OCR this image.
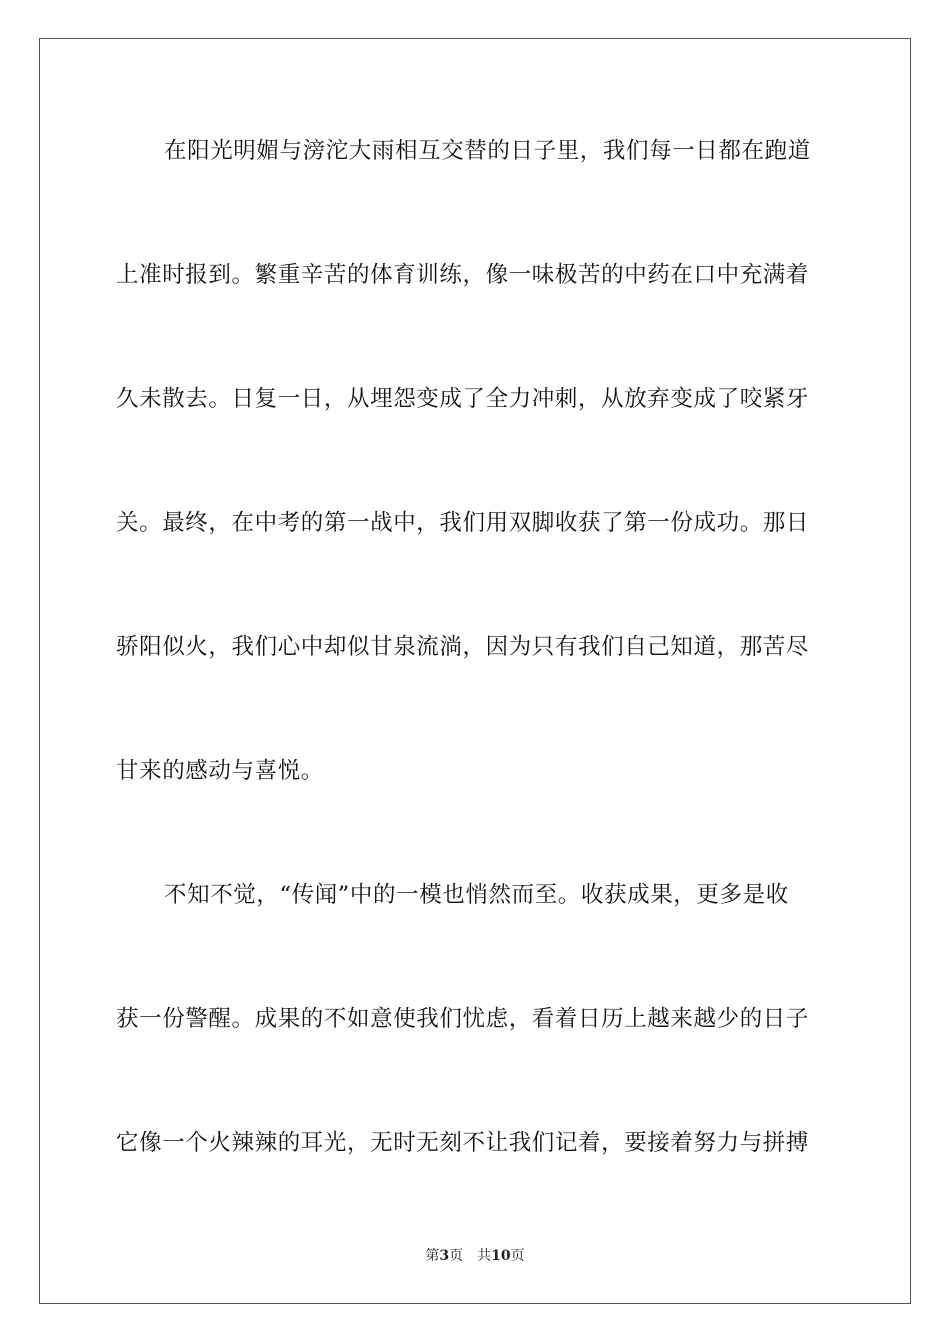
在阳光明媚与滂沱大雨相互交替的日子里，我们每一日都在跑道
上准时报到。繁重辛苦的体育训练，像一味极苦的中药在口中充满着
久未散去。日复一日，从埋怨变成了全力冲刺，从放弃变成了咬紧牙
关。最终，在中考的第一战中，我们用双脚收获了第一份成功。那日
骄阳似火，我们心中却似甘泉流淌，因为只有我们自己知道，那苦尽
甘来的感动与喜悦。
不知不觉，“传闻”中的一模也悄然而至。收获成果，更多是收
获一份警醒。成果的不如意使我们忧虑，看着日历上越来越少的日子
它像一个火辣辣的耳光，无时无刻不让我们记着，要接着努力与拼搏
第3页 共10页
